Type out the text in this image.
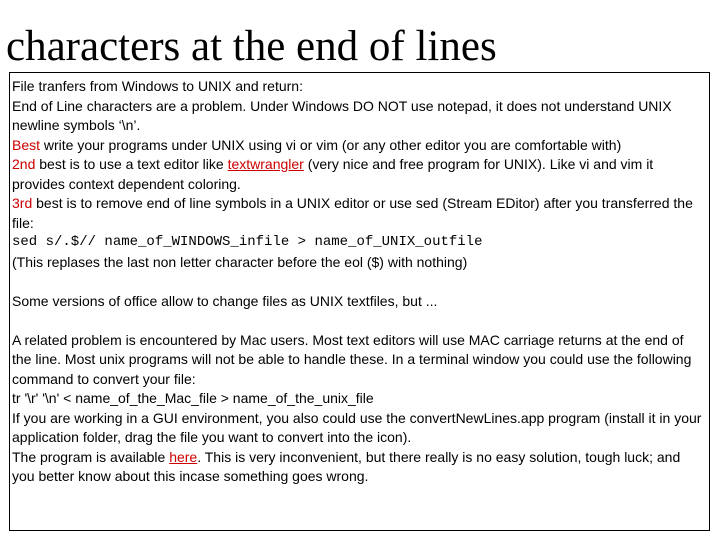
characters at the end of lines

File tranfers from Windows to UNIX and return:

End of Line characters are a problem. Under Windows DO NOT use notepad, it does not understand UNIX newline symbols ‘\n’.

Best write your programs under UNIX using vi or vim (or any other editor you are comfortable with)

2nd best is to use a text editor like textwrangler (very nice and free program for UNIX). Like vi and vim it provides context dependent coloring.

3rd best is to remove end of line symbols in a UNIX editor or use sed (Stream EDitor) after you transferred the file:

sed s/.$// name_of_WINDOWS_infile > name_of_UNIX_outfile

(This replases the last non letter character before the eol ($) with nothing)

Some versions of office allow to change files as UNIX textfiles, but ...

A related problem is encountered by Mac users. Most text editors will use MAC carriage returns at the end of the line. Most unix programs will not be able to handle these. In a terminal window you could use the following command to convert your file:

tr '\r' '\n' < name_of_the_Mac_file > name_of_the_unix_file

If you are working in a GUI environment, you also could use the convertNewLines.app program (install it in your application folder, drag the file you want to convert into the icon).

The program is available here. This is very inconvenient, but there really is no easy solution, tough luck; and you better know about this incase something goes wrong.
